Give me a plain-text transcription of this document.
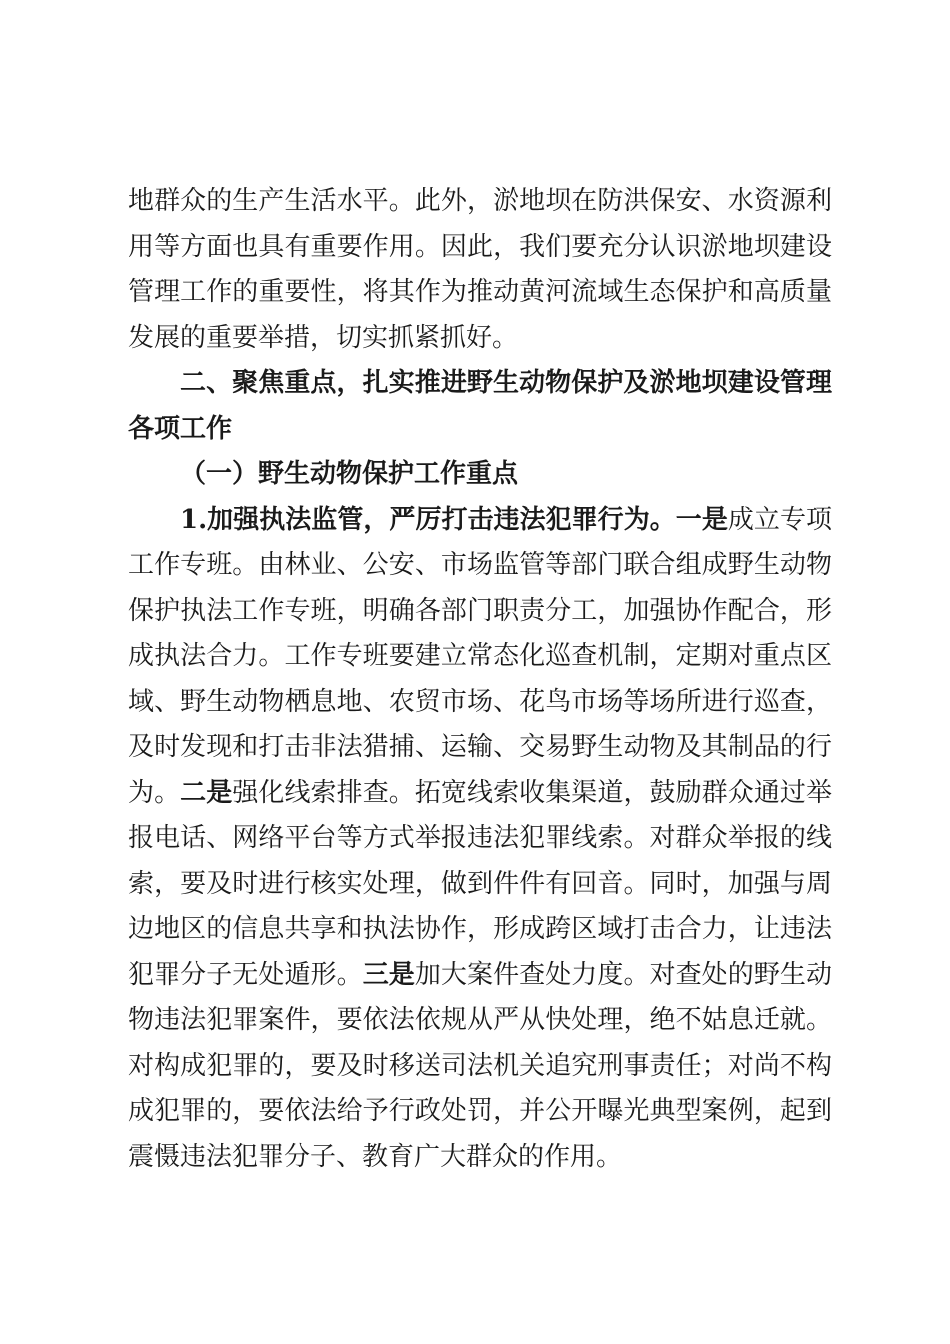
地群众的生产生活水平。此外，淤地坝在防洪保安、水资源利
用等方面也具有重要作用。因此，我们要充分认识淤地坝建设
管理工作的重要性，将其作为推动黄河流域生态保护和高质量
发展的重要举措，切实抓紧抓好。
二、聚焦重点，扎实推进野生动物保护及淤地坝建设管理
各项工作
（一）野生动物保护工作重点
1.加强执法监管，严厉打击违法犯罪行为。一是成立专项
工作专班。由林业、公安、市场监管等部门联合组成野生动物
保护执法工作专班，明确各部门职责分工，加强协作配合，形
成执法合力。工作专班要建立常态化巡查机制，定期对重点区
域、野生动物栖息地、农贸市场、花鸟市场等场所进行巡查，
及时发现和打击非法猎捕、运输、交易野生动物及其制品的行
为。二是强化线索排查。拓宽线索收集渠道，鼓励群众通过举
报电话、网络平台等方式举报违法犯罪线索。对群众举报的线
索，要及时进行核实处理，做到件件有回音。同时，加强与周
边地区的信息共享和执法协作，形成跨区域打击合力，让违法
犯罪分子无处遁形。三是加大案件查处力度。对查处的野生动
物违法犯罪案件，要依法依规从严从快处理，绝不姑息迁就。
对构成犯罪的，要及时移送司法机关追究刑事责任；对尚不构
成犯罪的，要依法给予行政处罚，并公开曝光典型案例，起到
震慑违法犯罪分子、教育广大群众的作用。
